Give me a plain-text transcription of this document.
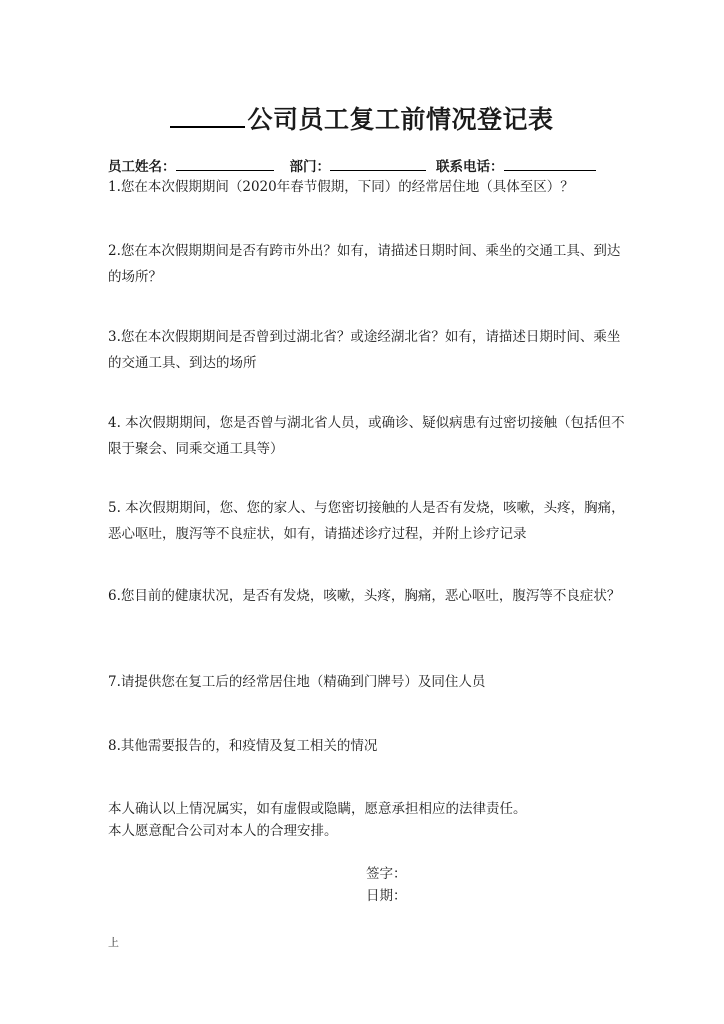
公司员工复工前情况登记表
员工姓名：	部门：	联系电话：

1.您在本次假期期间（2020年春节假期，下同）的经常居住地（具体至区）？

2.您在本次假期期间是否有跨市外出？如有，请描述日期时间、乘坐的交通工具、到达的场所？

3.您在本次假期期间是否曾到过湖北省？或途经湖北省？如有，请描述日期时间、乘坐的交通工具、到达的场所

4. 本次假期期间，您是否曾与湖北省人员，或确诊、疑似病患有过密切接触（包括但不限于聚会、同乘交通工具等）

5. 本次假期期间，您、您的家人、与您密切接触的人是否有发烧，咳嗽，头疼，胸痛，恶心呕吐，腹泻等不良症状，如有，请描述诊疗过程，并附上诊疗记录

6.您目前的健康状况，是否有发烧，咳嗽，头疼，胸痛，恶心呕吐，腹泻等不良症状？

7.请提供您在复工后的经常居住地（精确到门牌号）及同住人员

8.其他需要报告的，和疫情及复工相关的情况

本人确认以上情况属实，如有虚假或隐瞒，愿意承担相应的法律责任。

本人愿意配合公司对本人的合理安排。

签字：

日期：

上
